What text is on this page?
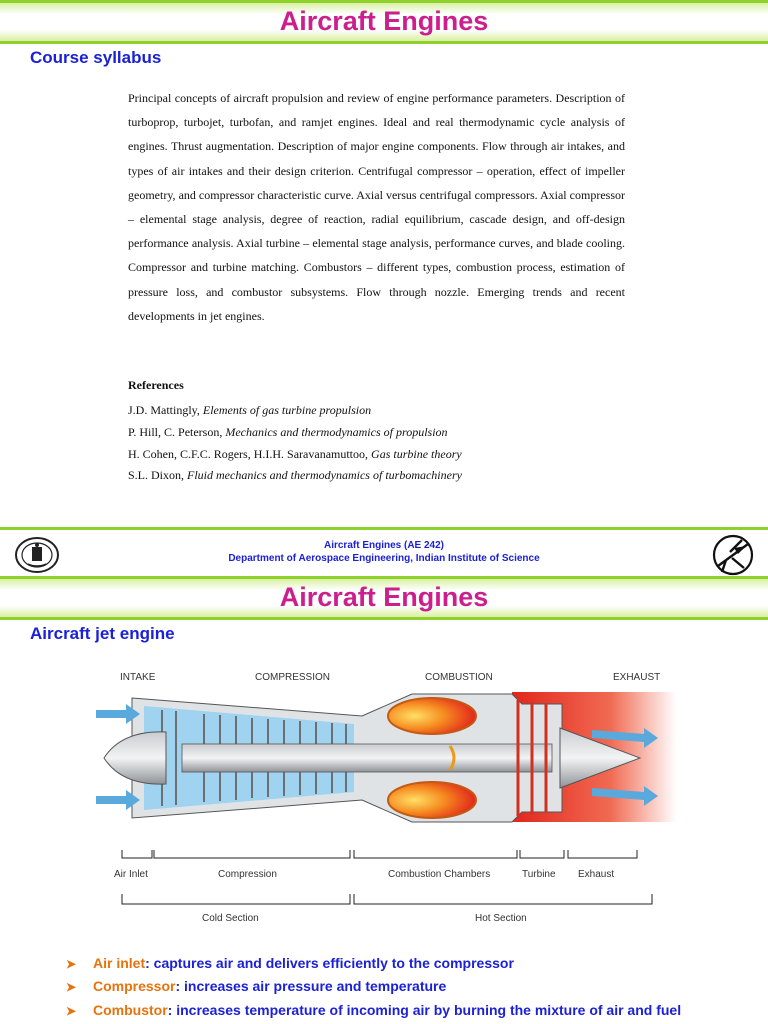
Aircraft Engines
Course syllabus
Principal concepts of aircraft propulsion and review of engine performance parameters. Description of turboprop, turbojet, turbofan, and ramjet engines. Ideal and real thermodynamic cycle analysis of engines. Thrust augmentation. Description of major engine components. Flow through air intakes, and types of air intakes and their design criterion. Centrifugal compressor – operation, effect of impeller geometry, and compressor characteristic curve. Axial versus centrifugal compressors. Axial compressor – elemental stage analysis, degree of reaction, radial equilibrium, cascade design, and off-design performance analysis. Axial turbine – elemental stage analysis, performance curves, and blade cooling. Compressor and turbine matching. Combustors – different types, combustion process, estimation of pressure loss, and combustor subsystems. Flow through nozzle. Emerging trends and recent developments in jet engines.
References
J.D. Mattingly, Elements of gas turbine propulsion
P. Hill, C. Peterson, Mechanics and thermodynamics of propulsion
H. Cohen, C.F.C. Rogers, H.I.H. Saravanamuttoo, Gas turbine theory
S.L. Dixon, Fluid mechanics and thermodynamics of turbomachinery
Aircraft Engines (AE 242)
Department of Aerospace Engineering, Indian Institute of Science
Aircraft Engines
Aircraft jet engine
INTAKE	COMPRESSION	COMBUSTION	EXHAUST
Air Inlet	Compression	Combustion Chambers	Turbine Exhaust
Cold Section	Hot Section
➤ Air inlet: captures air and delivers efficiently to the compressor
➤ Compressor: increases air pressure and temperature
➤ Combustor: increases temperature of incoming air by burning the mixture of air and fuel
